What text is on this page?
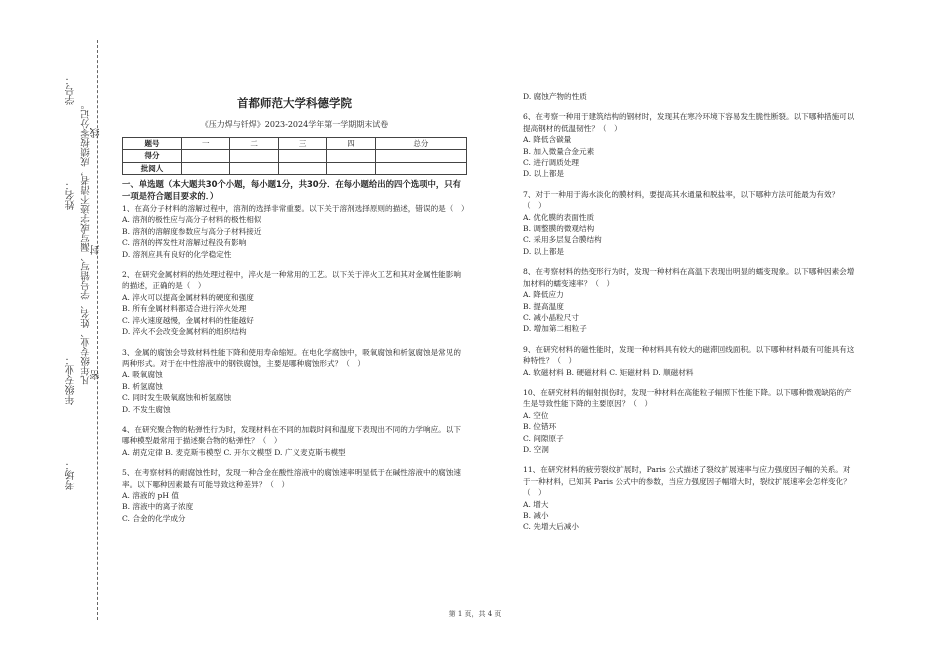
学号：
姓名：
年级专业：
考场：
凡年级专业、姓名、学号错写、漏写或字迹不清者，成绩按零分记。 线
封
密
首都师范大学科德学院
《压力焊与钎焊》2023-2024学年第一学期期末试卷
题号	一	二	三	四	总分
得分					
批阅人					
一、单选题（本大题共30个小题，每小题1分，共30分．在每小题给出的四个选项中，只有一项是符合题目要求的．）
1、在高分子材料的溶解过程中，溶剂的选择非常重要。以下关于溶剂选择原则的描述，错误的是（　）
A. 溶剂的极性应与高分子材料的极性相似
B. 溶剂的溶解度参数应与高分子材料接近
C. 溶剂的挥发性对溶解过程没有影响
D. 溶剂应具有良好的化学稳定性
2、在研究金属材料的热处理过程中，淬火是一种常用的工艺。以下关于淬火工艺和其对金属性能影响的描述，正确的是（　）
A. 淬火可以提高金属材料的硬度和强度
B. 所有金属材料都适合进行淬火处理
C. 淬火速度越慢，金属材料的性能越好
D. 淬火不会改变金属材料的组织结构
3、金属的腐蚀会导致材料性能下降和使用寿命缩短。在电化学腐蚀中，吸氧腐蚀和析氢腐蚀是常见的两种形式。对于在中性溶液中的钢铁腐蚀，主要是哪种腐蚀形式？（　）
A. 吸氧腐蚀
B. 析氢腐蚀
C. 同时发生吸氧腐蚀和析氢腐蚀
D. 不发生腐蚀
4、在研究聚合物的粘弹性行为时，发现材料在不同的加载时间和温度下表现出不同的力学响应。以下哪种模型最常用于描述聚合物的粘弹性？（　）
A. 胡克定律 B. 麦克斯韦模型 C. 开尔文模型 D. 广义麦克斯韦模型
5、在考察材料的耐腐蚀性时，发现一种合金在酸性溶液中的腐蚀速率明显低于在碱性溶液中的腐蚀速率。以下哪种因素最有可能导致这种差异？（　）
A. 溶液的 pH 值
B. 溶液中的离子浓度
C. 合金的化学成分
D. 腐蚀产物的性质
6、在考察一种用于建筑结构的钢材时，发现其在寒冷环境下容易发生脆性断裂。以下哪种措施可以提高钢材的低温韧性？（　）
A. 降低含碳量
B. 加入微量合金元素
C. 进行调质处理
D. 以上都是
7、对于一种用于海水淡化的膜材料，要提高其水通量和脱盐率，以下哪种方法可能最为有效？（　）
A. 优化膜的表面性质
B. 调整膜的微观结构
C. 采用多层复合膜结构
D. 以上都是
8、在考察材料的热变形行为时，发现一种材料在高温下表现出明显的蠕变现象。以下哪种因素会增加材料的蠕变速率？（　）
A. 降低应力
B. 提高温度
C. 减小晶粒尺寸
D. 增加第二相粒子
9、在研究材料的磁性能时，发现一种材料具有较大的磁滞回线面积。以下哪种材料最有可能具有这种特性？（　）
A. 软磁材料 B. 硬磁材料 C. 矩磁材料 D. 顺磁材料
10、在研究材料的辐射损伤时，发现一种材料在高能粒子辐照下性能下降。以下哪种微观缺陷的产生是导致性能下降的主要原因？（　）
A. 空位
B. 位错环
C. 间隙原子
D. 空洞
11、在研究材料的疲劳裂纹扩展时，Paris 公式描述了裂纹扩展速率与应力强度因子幅的关系。对于一种材料，已知其 Paris 公式中的参数，当应力强度因子幅增大时，裂纹扩展速率会怎样变化？（　）
A. 增大
B. 减小
C. 先增大后减小
第 1 页，共 4 页
